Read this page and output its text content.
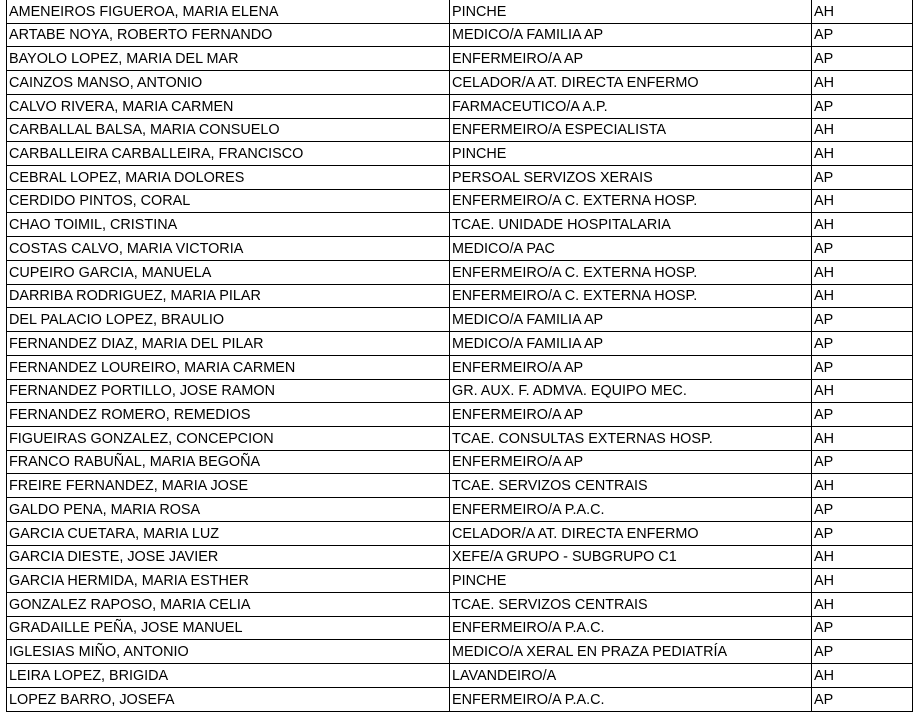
AMENEIROS FIGUEROA, MARIA ELENA	PINCHE	AH
ARTABE NOYA, ROBERTO FERNANDO	MEDICO/A FAMILIA AP	AP
BAYOLO LOPEZ, MARIA DEL MAR	ENFERMEIRO/A AP	AP
CAINZOS MANSO, ANTONIO	CELADOR/A AT. DIRECTA ENFERMO	AH
CALVO RIVERA, MARIA CARMEN	FARMACEUTICO/A A.P.	AP
CARBALLAL BALSA, MARIA CONSUELO	ENFERMEIRO/A ESPECIALISTA	AH
CARBALLEIRA CARBALLEIRA, FRANCISCO	PINCHE	AH
CEBRAL LOPEZ, MARIA DOLORES	PERSOAL SERVIZOS XERAIS	AP
CERDIDO PINTOS, CORAL	ENFERMEIRO/A C. EXTERNA HOSP.	AH
CHAO TOIMIL, CRISTINA	TCAE. UNIDADE HOSPITALARIA	AH
COSTAS CALVO, MARIA VICTORIA	MEDICO/A PAC	AP
CUPEIRO GARCIA, MANUELA	ENFERMEIRO/A C. EXTERNA HOSP.	AH
DARRIBA RODRIGUEZ, MARIA PILAR	ENFERMEIRO/A C. EXTERNA HOSP.	AH
DEL PALACIO LOPEZ, BRAULIO	MEDICO/A FAMILIA AP	AP
FERNANDEZ DIAZ, MARIA DEL PILAR	MEDICO/A FAMILIA AP	AP
FERNANDEZ LOUREIRO, MARIA CARMEN	ENFERMEIRO/A AP	AP
FERNANDEZ PORTILLO, JOSE RAMON	GR. AUX. F. ADMVA. EQUIPO MEC.	AH
FERNANDEZ ROMERO, REMEDIOS	ENFERMEIRO/A AP	AP
FIGUEIRAS GONZALEZ, CONCEPCION	TCAE. CONSULTAS EXTERNAS HOSP.	AH
FRANCO RABUÑAL, MARIA BEGOÑA	ENFERMEIRO/A AP	AP
FREIRE FERNANDEZ, MARIA JOSE	TCAE. SERVIZOS CENTRAIS	AH
GALDO PENA, MARIA ROSA	ENFERMEIRO/A P.A.C.	AP
GARCIA CUETARA, MARIA LUZ	CELADOR/A AT. DIRECTA ENFERMO	AP
GARCIA DIESTE, JOSE JAVIER	XEFE/A GRUPO - SUBGRUPO C1	AH
GARCIA HERMIDA, MARIA ESTHER	PINCHE	AH
GONZALEZ RAPOSO, MARIA CELIA	TCAE. SERVIZOS CENTRAIS	AH
GRADAILLE PEÑA, JOSE MANUEL	ENFERMEIRO/A P.A.C.	AP
IGLESIAS MIÑO, ANTONIO	MEDICO/A XERAL EN PRAZA PEDIATRÍA	AP
LEIRA LOPEZ, BRIGIDA	LAVANDEIRO/A	AH
LOPEZ BARRO, JOSEFA	ENFERMEIRO/A P.A.C.	AP
